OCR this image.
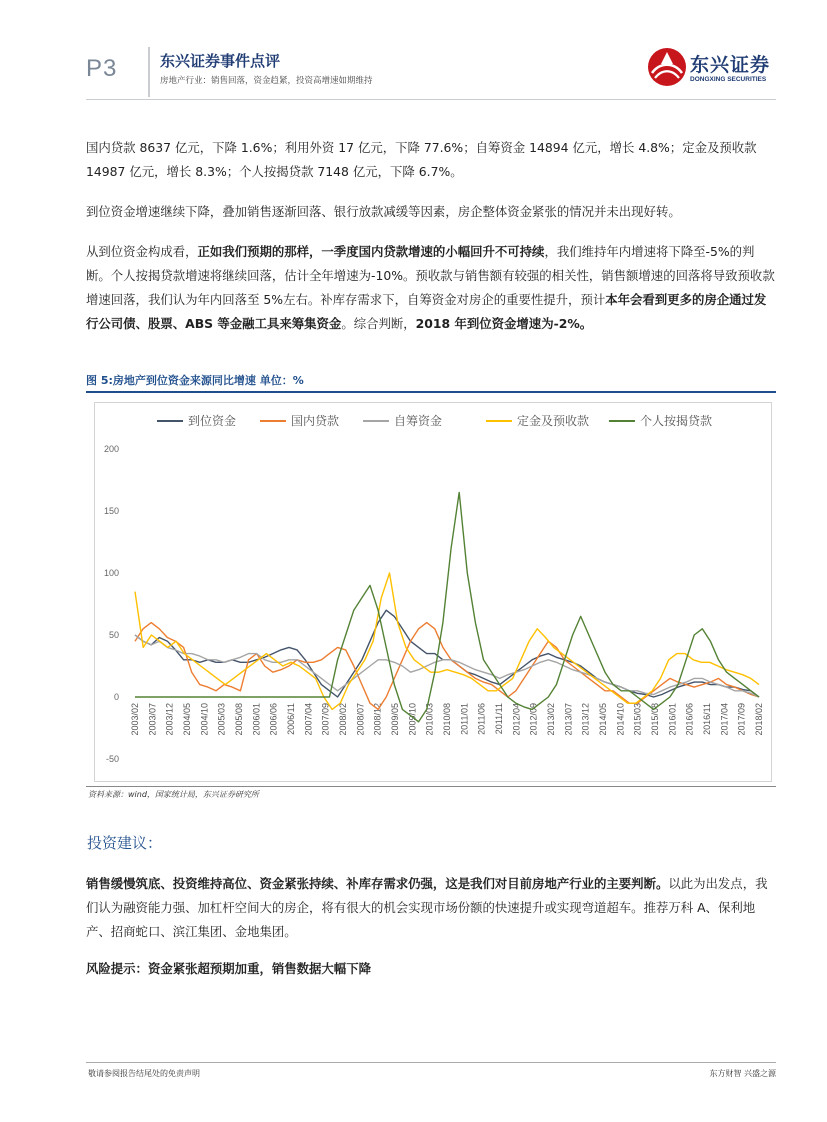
P3	东兴证券事件点评
房地产行业：销售回落，资金趋紧，投资高增速如期维持
东兴证券
DONGXING SECURITIES

国内贷款 8637 亿元，下降 1.6%；利用外资 17 亿元，下降 77.6%；自筹资金 14894 亿元，增长 4.8%；定金及预收款 14987 亿元，增长 8.3%；个人按揭贷款 7148 亿元，下降 6.7%。

到位资金增速继续下降，叠加销售逐渐回落、银行放款减缓等因素，房企整体资金紧张的情况并未出现好转。

从到位资金构成看，正如我们预期的那样，一季度国内贷款增速的小幅回升不可持续，我们维持年内增速将下降至-5%的判断。个人按揭贷款增速将继续回落，估计全年增速为-10%。预收款与销售额有较强的相关性，销售额增速的回落将导致预收款增速回落，我们认为年内回落至 5%左右。补库存需求下，自筹资金对房企的重要性提升，预计本年会看到更多的房企通过发行公司债、股票、ABS 等金融工具来筹集资金。综合判断，2018 年到位资金增速为-2%。

图 5:房地产到位资金来源同比增速 单位：%
到位资金	国内贷款	自筹资金	定金及预收款	个人按揭贷款
-50
0
50
100
150
200
2003/02 2003/07 2003/12 2004/05 2004/10 2005/03 2005/08 2006/01 2006/06 2006/11 2007/04 2007/09 2008/02 2008/07 2008/12 2009/05 2009/10 2010/03 2010/08 2011/01 2011/06 2011/11 2012/04 2012/09 2013/02 2013/07 2013/12 2014/05 2014/10 2015/03 2015/08 2016/01 2016/06 2016/11 2017/04 2017/09 2018/02
资料来源：wind，国家统计局，东兴证券研究所
投资建议：

销售缓慢筑底、投资维持高位、资金紧张持续、补库存需求仍强，这是我们对目前房地产行业的主要判断。以此为出发点，我们认为融资能力强、加杠杆空间大的房企，将有很大的机会实现市场份额的快速提升或实现弯道超车。推荐万科 A、保利地产、招商蛇口、滨江集团、金地集团。

风险提示：资金紧张超预期加重，销售数据大幅下降

敬请参阅报告结尾处的免责声明	东方财智 兴盛之源
